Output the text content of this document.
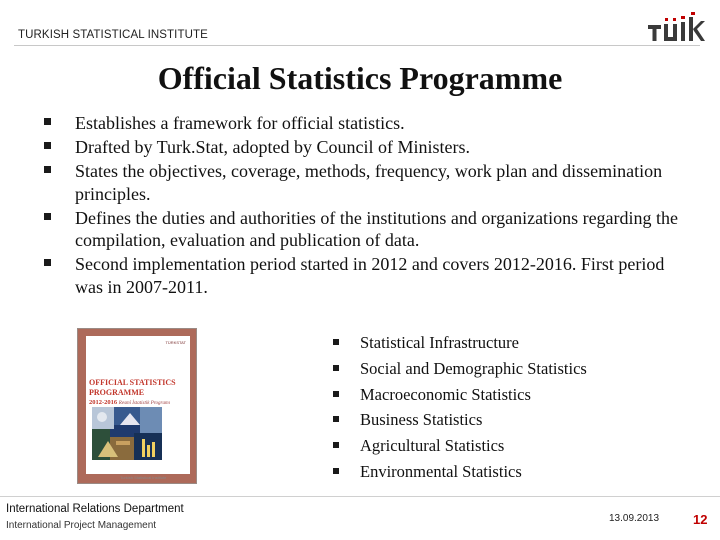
TURKISH STATISTICAL INSTITUTE
Official Statistics Programme
Establishes a framework for official statistics.
Drafted by Turk.Stat, adopted by Council of Ministers.
States the objectives, coverage, methods, frequency, work plan and dissemination principles.
Defines the duties and authorities of the institutions and organizations regarding the compilation, evaluation and publication of data.
Second implementation period started in 2012 and covers 2012-2016. First period was in 2007-2011.
TÜRKSTAT
OFFICIAL STATISTICS
PROGRAMME
2012-2016 Resmî İstatistik Programı
Turkish Statistical Institute
Statistical Infrastructure
Social and Demographic Statistics
Macroeconomic Statistics
Business Statistics
Agricultural Statistics
Environmental Statistics
International Relations Department
International Project Management
13.09.2013	12
